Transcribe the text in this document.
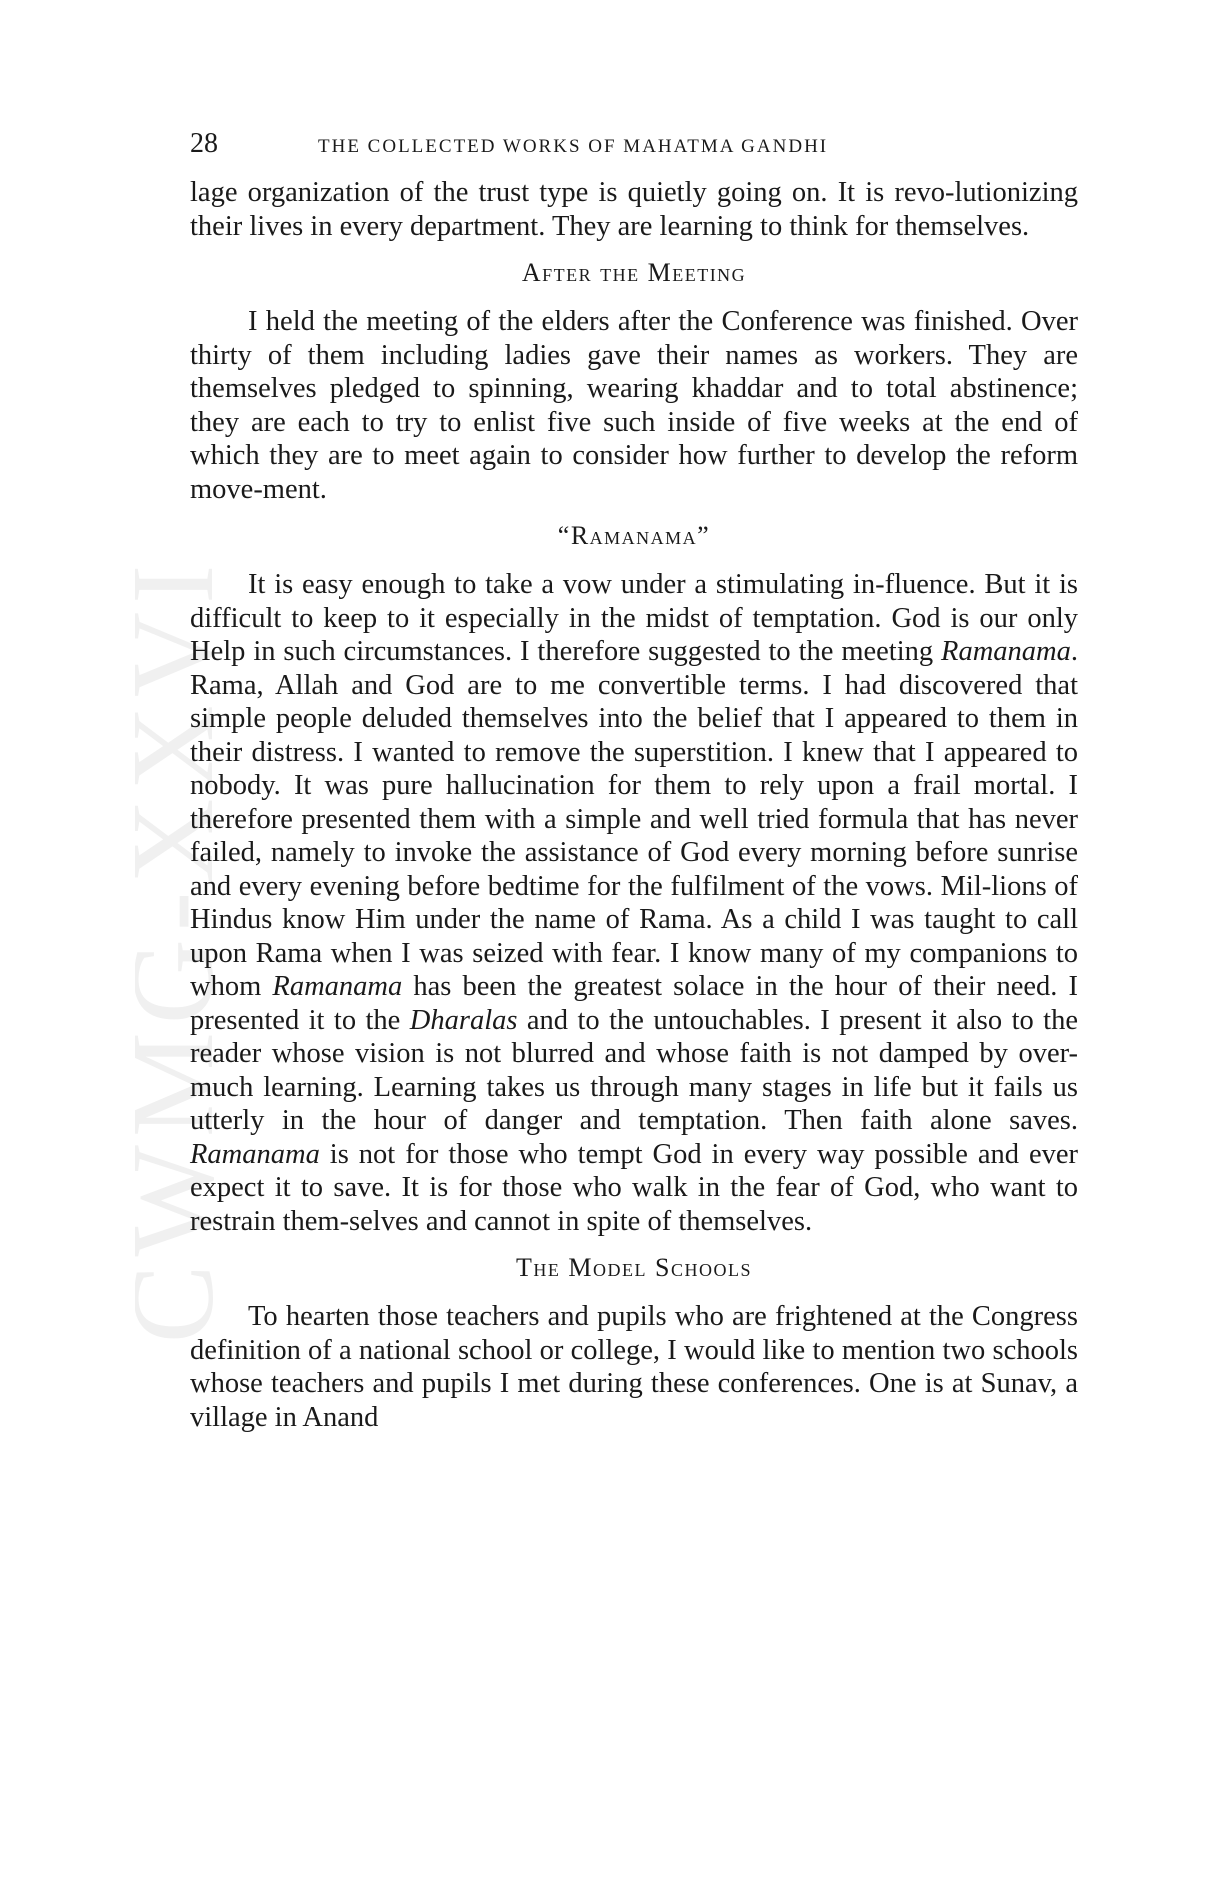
CWMG-XXVI
28	THE COLLECTED WORKS OF MAHATMA GANDHI

lage organization of the trust type is quietly going on. It is revo-lutionizing their lives in every department. They are learning to think for themselves.

After the Meeting

I held the meeting of the elders after the Conference was finished. Over thirty of them including ladies gave their names as workers. They are themselves pledged to spinning, wearing khaddar and to total abstinence; they are each to try to enlist five such inside of five weeks at the end of which they are to meet again to consider how further to develop the reform move-ment.

“Ramanama”

It is easy enough to take a vow under a stimulating in-fluence. But it is difficult to keep to it especially in the midst of temptation. God is our only Help in such circumstances. I therefore suggested to the meeting Ramanama. Rama, Allah and God are to me convertible terms. I had discovered that simple people deluded themselves into the belief that I appeared to them in their distress. I wanted to remove the superstition. I knew that I appeared to nobody. It was pure hallucination for them to rely upon a frail mortal. I therefore presented them with a simple and well tried formula that has never failed, namely to invoke the assistance of God every morning before sunrise and every evening before bedtime for the fulfilment of the vows. Mil-lions of Hindus know Him under the name of Rama. As a child I was taught to call upon Rama when I was seized with fear. I know many of my companions to whom Ramanama has been the greatest solace in the hour of their need. I presented it to the Dharalas and to the untouchables. I present it also to the reader whose vision is not blurred and whose faith is not damped by over-much learning. Learning takes us through many stages in life but it fails us utterly in the hour of danger and temptation. Then faith alone saves. Ramanama is not for those who tempt God in every way possible and ever expect it to save. It is for those who walk in the fear of God, who want to restrain them-selves and cannot in spite of themselves.

The Model Schools

To hearten those teachers and pupils who are frightened at the Congress definition of a national school or college, I would like to mention two schools whose teachers and pupils I met during these conferences. One is at Sunav, a village in Anand
